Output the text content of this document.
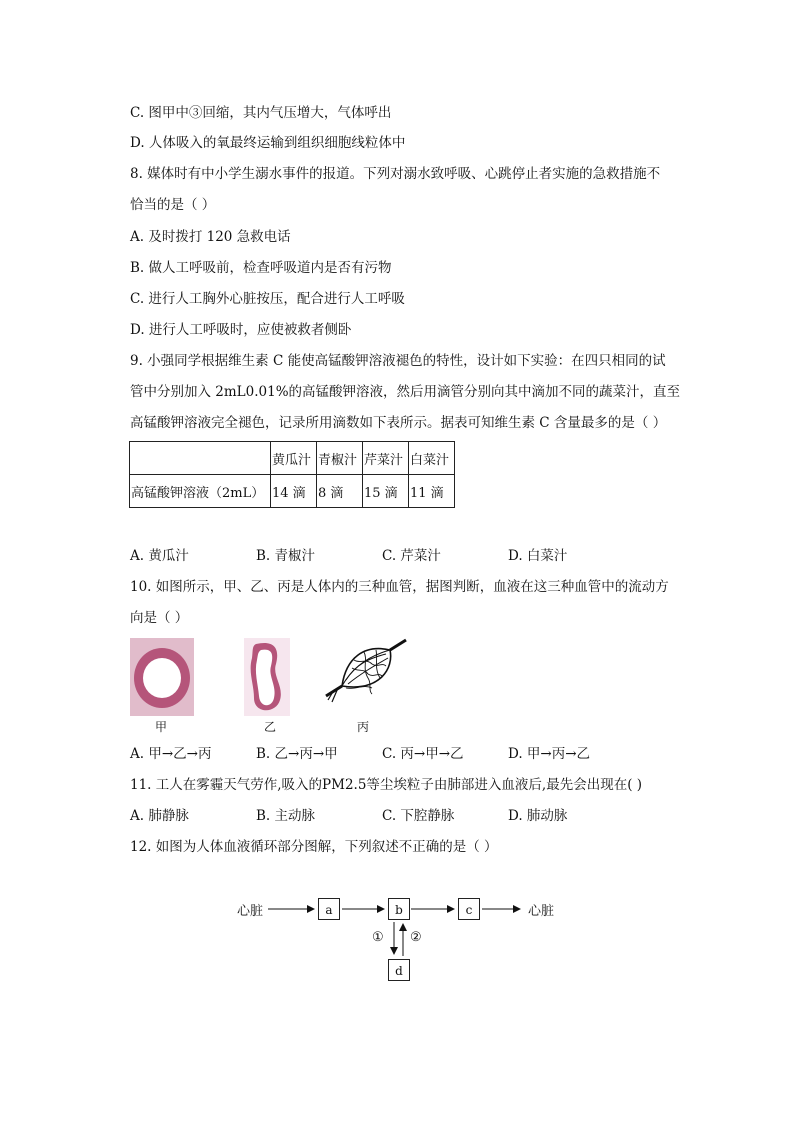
C. 图甲中③回缩，其内气压增大，气体呼出
D. 人体吸入的氧最终运输到组织细胞线粒体中
8. 媒体时有中小学生溺水事件的报道。下列对溺水致呼吸、心跳停止者实施的急救措施不
恰当的是（ ）
A. 及时拨打 120 急救电话
B. 做人工呼吸前，检查呼吸道内是否有污物
C. 进行人工胸外心脏按压，配合进行人工呼吸
D. 进行人工呼吸时，应使被救者侧卧
9. 小强同学根据维生素 C 能使高锰酸钾溶液褪色的特性，设计如下实验：在四只相同的试
管中分别加入 2mL0.01%的高锰酸钾溶液，然后用滴管分别向其中滴加不同的蔬菜汁，直至
高锰酸钾溶液完全褪色，记录所用滴数如下表所示。据表可知维生素 C 含量最多的是（ ）
	黄瓜汁	青椒汁	芹菜汁	白菜汁
高锰酸钾溶液（2mL）	14 滴	8 滴	15 滴	11 滴
A. 黄瓜汁	B. 青椒汁	C. 芹菜汁	D. 白菜汁
10. 如图所示，甲、乙、丙是人体内的三种血管，据图判断，血液在这三种血管中的流动方
向是（ ）
甲	乙	丙
A. 甲→乙→丙	B. 乙→丙→甲	C. 丙→甲→乙	D. 甲→丙→乙
11. 工人在雾霾天气劳作,吸入的PM2.5等尘埃粒子由肺部进入血液后,最先会出现在( )
A. 肺静脉	B. 主动脉	C. 下腔静脉	D. 肺动脉
12. 如图为人体血液循环部分图解，下列叙述不正确的是（ ）
心脏	a	b	c	心脏
① ②
d
